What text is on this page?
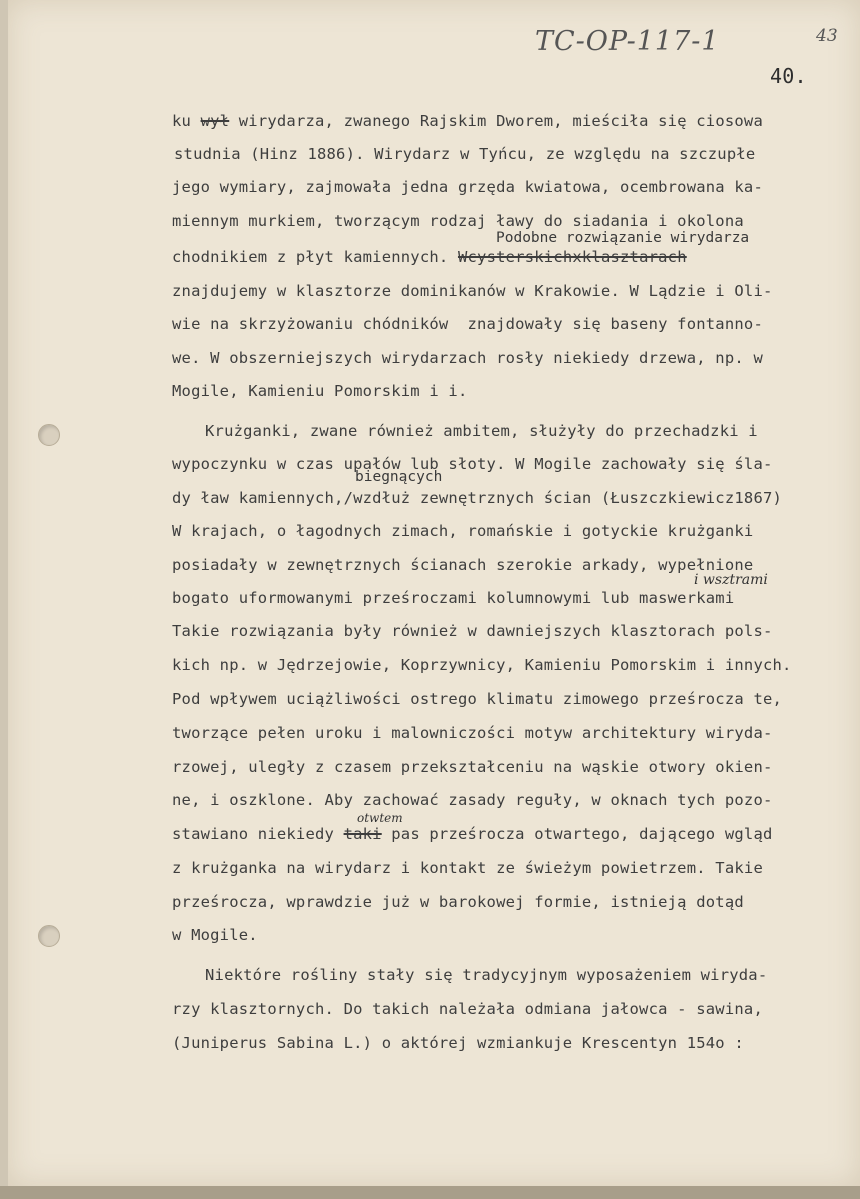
TC-OP-117-1	43
40.

ku wył wirydarza, zwanego Rajskim Dworem, mieściła się ciosowa
studnia (Hinz 1886). Wirydarz w Tyńcu, ze względu na szczupłe
jego wymiary, zajmowała jedna grzęda kwiatowa, ocembrowana ka-
miennym murkiem, tworzącym rodzaj ławy do siadania i okolona
Podobne rozwiązanie wirydarza
chodnikiem z płyt kamiennych. Wcysterskichxklasztarach
znajdujemy w klasztorze dominikanów w Krakowie. W Lądzie i Oli-
wie na skrzyżowaniu chódników  znajdowały się baseny fontanno-
we. W obszerniejszych wirydarzach rosły niekiedy drzewa, np. w
Mogile, Kamieniu Pomorskim i i.
Krużganki, zwane również ambitem, służyły do przechadzki i
wypoczynku w czas upałów lub słoty. W Mogile zachowały się śla-
biegnących
dy ław kamiennych,/wzdłuż zewnętrznych ścian (Łuszczkiewicz1867)
W krajach, o łagodnych zimach, romańskie i gotyckie krużganki
posiadały w zewnętrznych ścianach szerokie arkady, wypełnione
i wsztrami
bogato uformowanymi prześroczami kolumnowymi lub maswerkami
Takie rozwiązania były również w dawniejszych klasztorach pols-
kich np. w Jędrzejowie, Koprzywnicy, Kamieniu Pomorskim i innych.
Pod wpływem uciążliwości ostrego klimatu zimowego prześrocza te,
tworzące pełen uroku i malowniczości motyw architektury wiryda-
rzowej, uległy z czasem przekształceniu na wąskie otwory okien-
ne, i oszklone. Aby zachować zasady reguły, w oknach tych pozo-
otwtem
stawiano niekiedy taki pas prześrocza otwartego, dającego wgląd
z krużganka na wirydarz i kontakt ze świeżym powietrzem. Takie
prześrocza, wprawdzie już w barokowej formie, istnieją dotąd
w Mogile.
Niektóre rośliny stały się tradycyjnym wyposażeniem wiryda-
rzy klasztornych. Do takich należała odmiana jałowca - sawina,
(Juniperus Sabina L.) o aktórej wzmiankuje Krescentyn 154o :
